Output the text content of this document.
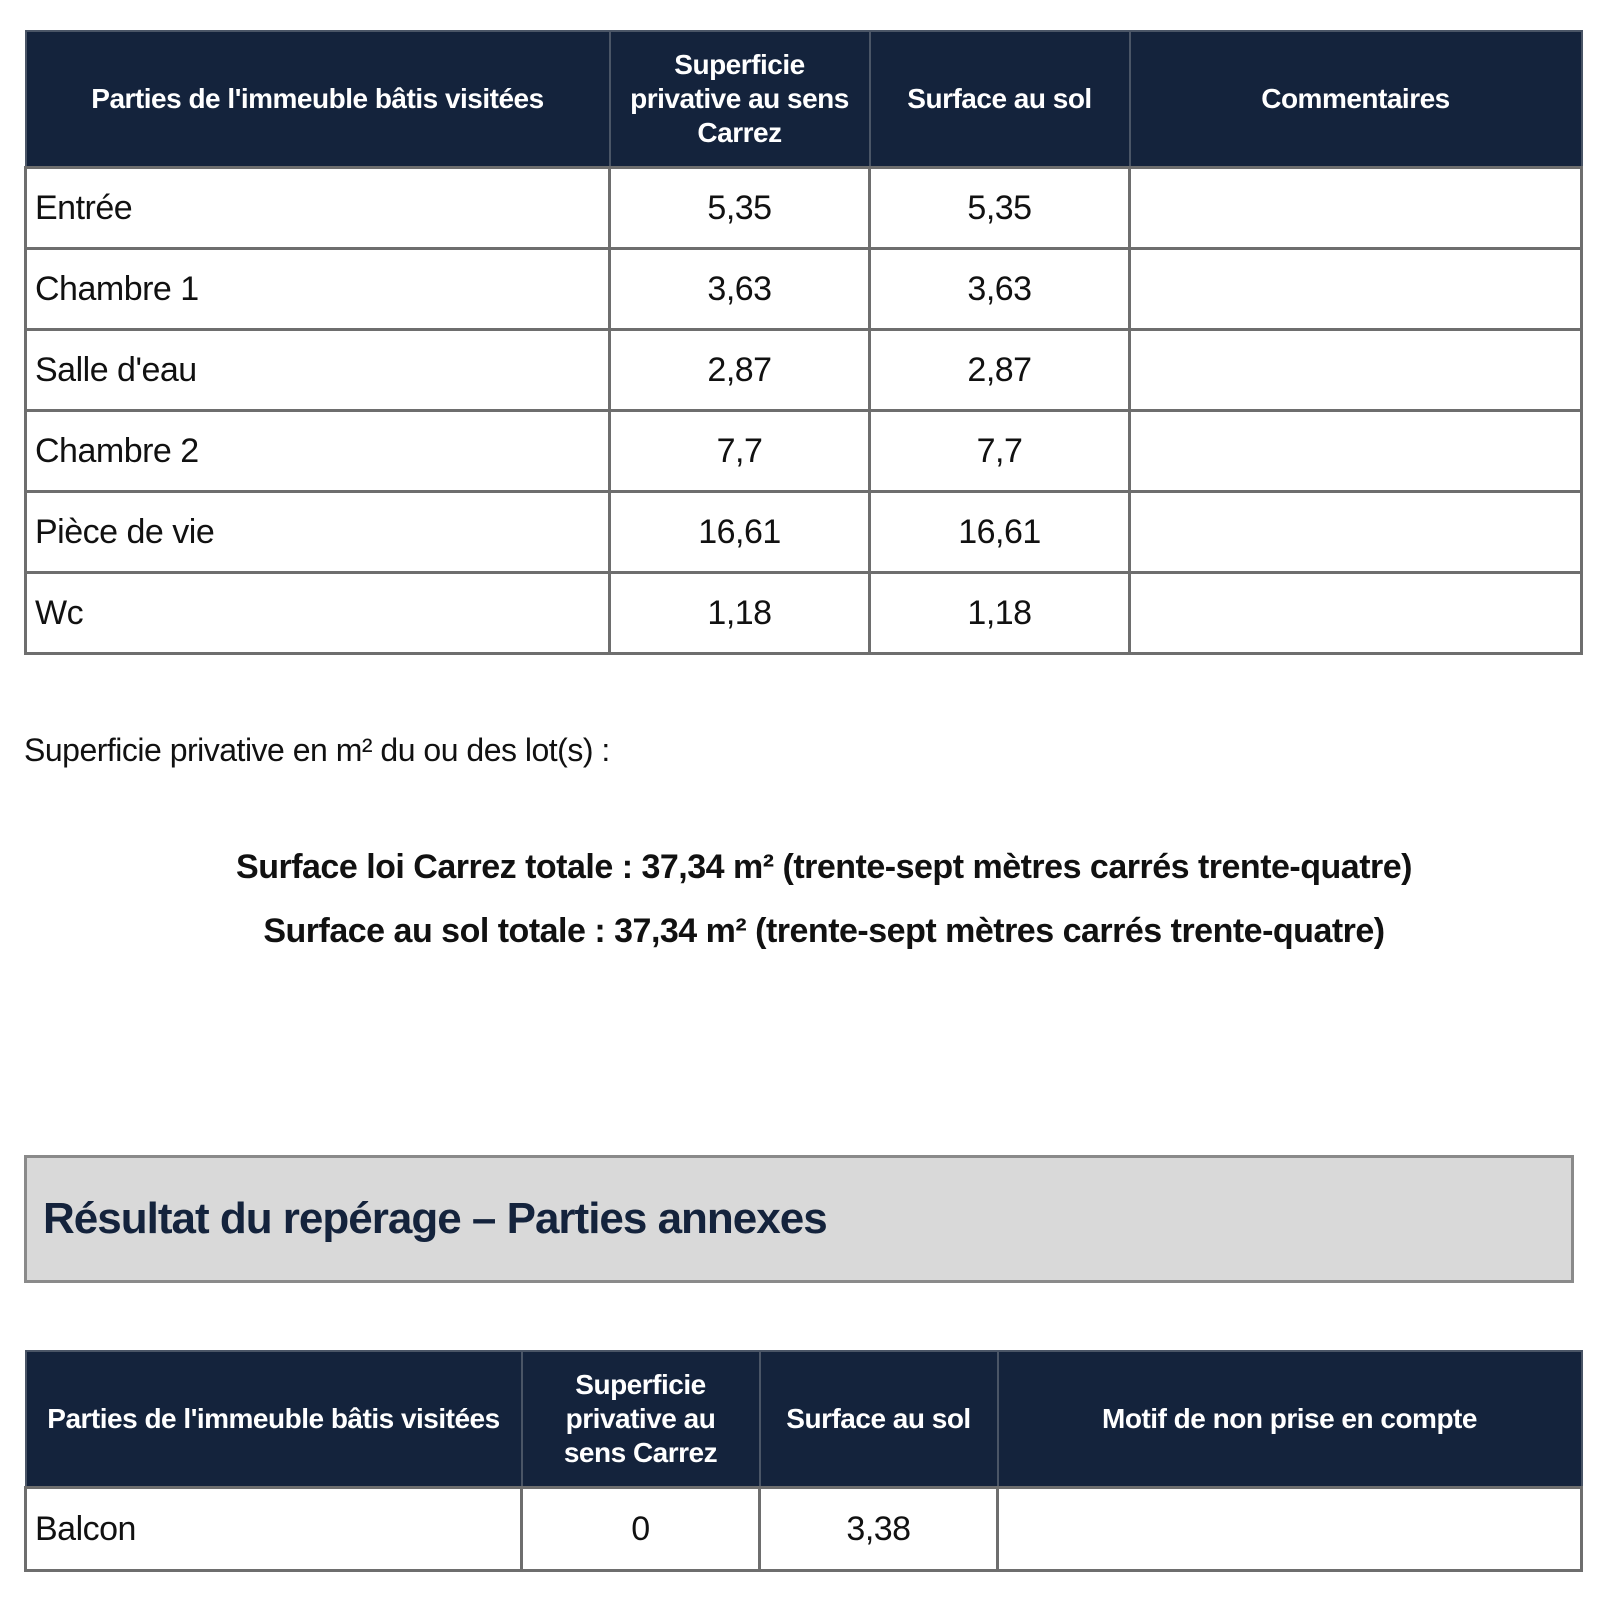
Parties de l'immeuble bâtis visitées	Superficie privative au sens Carrez	Surface au sol	Commentaires
Entrée	5,35	5,35	
Chambre 1	3,63	3,63	
Salle d'eau	2,87	2,87	
Chambre 2	7,7	7,7	
Pièce de vie	16,61	16,61	
Wc	1,18	1,18	
Superficie privative en m² du ou des lot(s) :
Surface loi Carrez totale : 37,34 m² (trente-sept mètres carrés trente-quatre)
Surface au sol totale : 37,34 m² (trente-sept mètres carrés trente-quatre)
Résultat du repérage – Parties annexes
Parties de l'immeuble bâtis visitées	Superficie privative au sens Carrez	Surface au sol	Motif de non prise en compte
Balcon	0	3,38	
